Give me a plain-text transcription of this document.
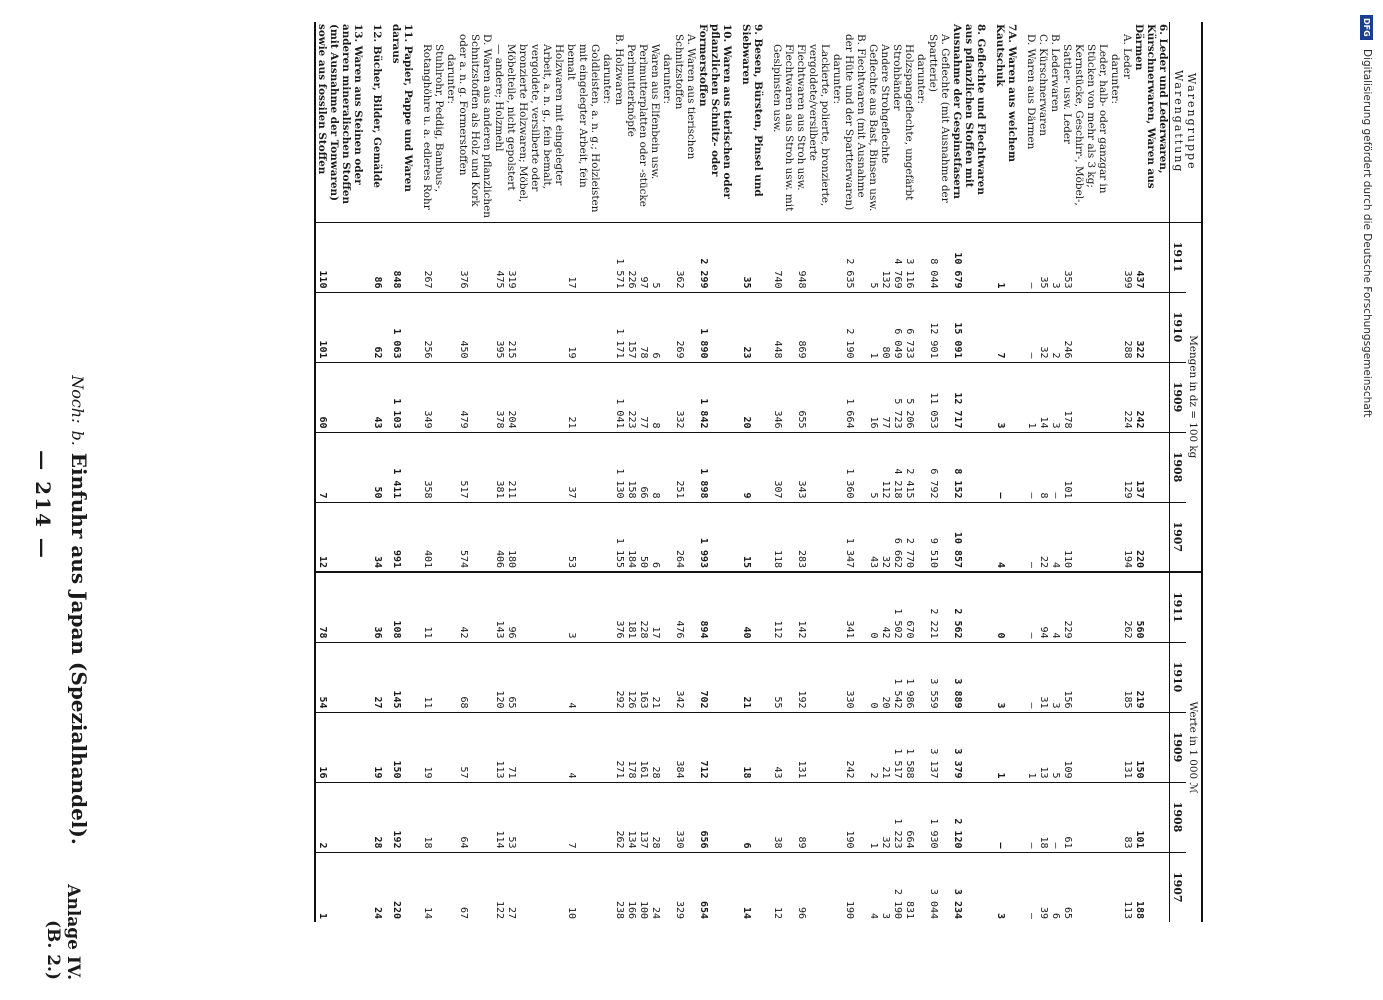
DFG Digitalisierung gefördert durch die Deutsche Forschungsgemeinschaft
— 214 —
Noch: b. Einfuhr aus Japan (Spezialhandel).
Anlage IV.
(B. 2.)
Warengruppe
Warengattung	Mengen in dz = 100 kg					Werte in 1 000 ℳ				
	1911	1910	1909	1908	1907	1911	1910	1909	1908	1907
6. Leder und Lederwaren, Kürschnerwaren, Waren aus Därmen	437	322	242	137	220	560	219	150	101	188
A. Leder	399	288	224	129	194	262	185	131	83	113
darunter:										
Leder, halb- oder ganzgar in Stücken von mehr als 3 kg; Kernstücke, Geschirr-, Möbel-, Sattler- usw. Leder	353	246	178	101	110	229	156	109	61	65
B. Lederwaren	3	2	3	—	4	4	3	5	—	6
C. Kürschnerwaren	35	32	14	8	22	94	31	13	18	39
D. Waren aus Därmen	—	—	1	—	—	—	—	1	—	—

7A. Waren aus weichem Kautschuk	1	7	3	—	4	0	3	1	—	3

8. Geflechte und Flechtwaren aus pflanzlichen Stoffen mit Ausnahme der Gespinstfasern	10 679	15 091	12 717	8 152	10 857	2 562	3 889	3 379	2 120	3 234
A. Geflechte (mit Ausnahme der Spartterie)	8 044	12 901	11 053	6 792	9 510	2 221	3 559	3 137	1 930	3 044
darunter:										
Holzspangeflechte, ungefärbt	3 116	6 733	5 206	2 415	2 770	670	1 986	1 588	664	831
Strohbänder	4 769	6 049	5 723	4 218	6 662	1 502	1 542	1 517	1 223	2 190
Andere Strohgeflechte	132	80	77	112	32	42	20	21	32	3
Geflechte aus Bast, Binsen usw.	5	1	16	5	43	0	0	2	1	4
B. Flechtwaren (mit Ausnahme der Hüte und der Spartterwaren)	2 635	2 190	1 664	1 360	1 347	341	330	242	190	190
darunter:										
Lackierte, polierte, bronzierte, vergoldete/versilberte Flechtwaren aus Stroh usw.	948	869	655	343	283	142	192	131	89	96
Flechtwaren aus Stroh usw. mit Geslpinsten usw.	740	448	346	307	118	112	55	43	38	12

9. Besen, Bürsten, Pinsel und Siebwaren	35	23	20	9	15	40	21	18	6	14

10. Waren aus tierischen oder pflanzlichen Schnitz- oder Formerstoffen	2 299	1 890	1 842	1 898	1 993	894	702	712	656	654
A. Waren aus tierischen Schnitzstoffen	362	269	332	251	264	476	342	384	330	329
darunter:										
Waren aus Elfenbein usw.	5	6	8	8	6	17	21	28	28	24
Perlmutterplatten oder -stücke	97	78	77	66	50	228	163	161	137	100
Perlmutterknöpfe	226	157	223	158	184	181	126	178	134	166
B. Holzwaren	1 571	1 171	1 041	1 130	1 155	376	292	271	262	238
darunter:										
Goldleisten, a. n. g.; Holzleisten mit eingelegter Arbeit, fein bemalt	17	19	21	37	53	3	4	4	7	10
Holzwaren mit eingelegter Arbeit, a. n. g., fein bemalt, vergoldete, versilberte oder bronzierte Holzwaren; Möbel, Möbelteile, nicht gepolstert	319	215	204	211	180	96	65	71	53	27
— andere; Holzmehl	475	395	378	381	406	143	120	113	114	122
D. Waren aus anderen pflanzlichen Schnitzstoffen als Holz und Kork oder a. n. g. Formerstoffen	376	450	479	517	574	42	68	57	64	67
darunter:										
Stuhlrohr, Peddig, Bambus-, Rotanghöhre u. a. edleres Rohr	267	256	349	358	401	11	11	19	18	14

11. Papier, Pappe und Waren daraus	848	1 063	1 103	1 411	991	108	145	150	192	220

12. Bücher, Bilder, Gemälde	86	62	43	50	34	36	27	19	28	24

13. Waren aus Steinen oder anderen mineralischen Stoffen (mit Ausnahme der Tonwaren) sowie aus fossilen Stoffen	110	101	60	7	12	78	54	16	2	1
